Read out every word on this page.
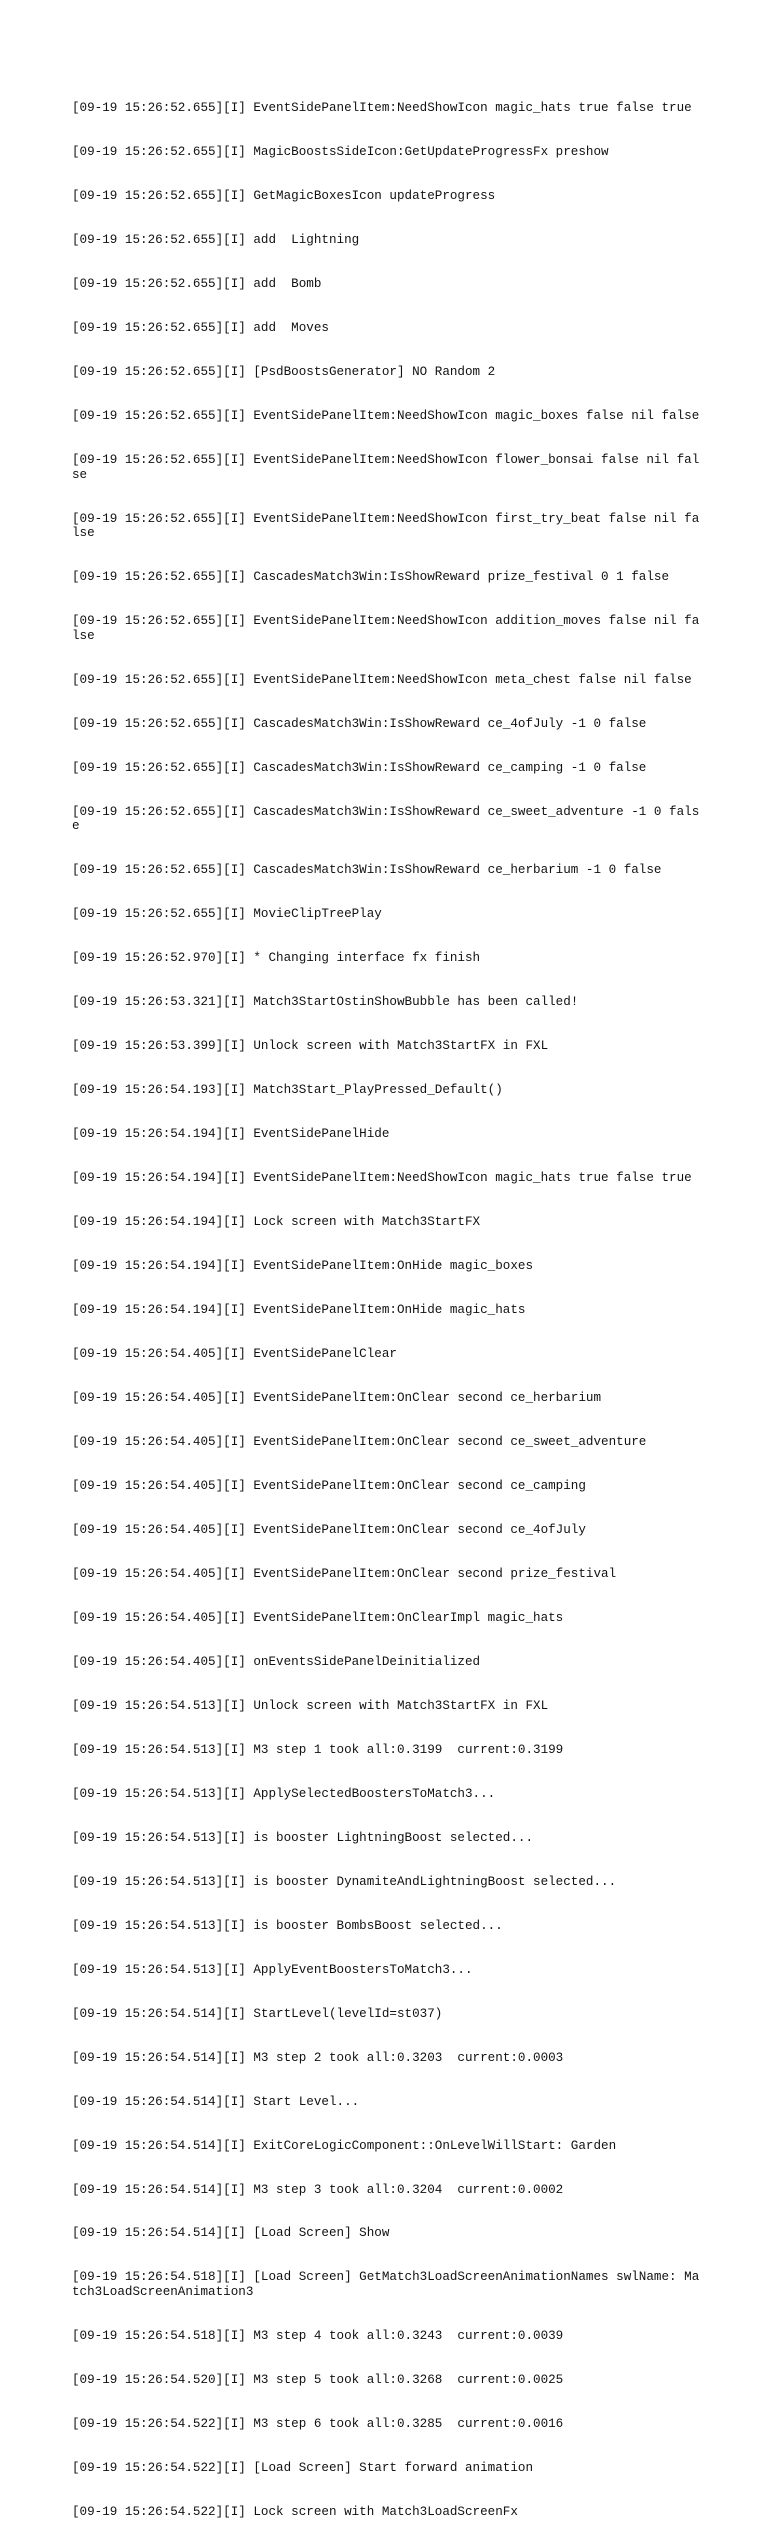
[09-19 15:26:52.655][I] EventSidePanelItem:NeedShowIcon magic_hats true false true

[09-19 15:26:52.655][I] MagicBoostsSideIcon:GetUpdateProgressFx preshow

[09-19 15:26:52.655][I] GetMagicBoxesIcon updateProgress

[09-19 15:26:52.655][I] add  Lightning

[09-19 15:26:52.655][I] add  Bomb

[09-19 15:26:52.655][I] add  Moves

[09-19 15:26:52.655][I] [PsdBoostsGenerator] NO Random 2

[09-19 15:26:52.655][I] EventSidePanelItem:NeedShowIcon magic_boxes false nil false

[09-19 15:26:52.655][I] EventSidePanelItem:NeedShowIcon flower_bonsai false nil false

[09-19 15:26:52.655][I] EventSidePanelItem:NeedShowIcon first_try_beat false nil false

[09-19 15:26:52.655][I] CascadesMatch3Win:IsShowReward prize_festival 0 1 false

[09-19 15:26:52.655][I] EventSidePanelItem:NeedShowIcon addition_moves false nil false

[09-19 15:26:52.655][I] EventSidePanelItem:NeedShowIcon meta_chest false nil false

[09-19 15:26:52.655][I] CascadesMatch3Win:IsShowReward ce_4ofJuly -1 0 false

[09-19 15:26:52.655][I] CascadesMatch3Win:IsShowReward ce_camping -1 0 false

[09-19 15:26:52.655][I] CascadesMatch3Win:IsShowReward ce_sweet_adventure -1 0 false

[09-19 15:26:52.655][I] CascadesMatch3Win:IsShowReward ce_herbarium -1 0 false

[09-19 15:26:52.655][I] MovieClipTreePlay

[09-19 15:26:52.970][I] * Changing interface fx finish

[09-19 15:26:53.321][I] Match3StartOstinShowBubble has been called!

[09-19 15:26:53.399][I] Unlock screen with Match3StartFX in FXL

[09-19 15:26:54.193][I] Match3Start_PlayPressed_Default()

[09-19 15:26:54.194][I] EventSidePanelHide

[09-19 15:26:54.194][I] EventSidePanelItem:NeedShowIcon magic_hats true false true

[09-19 15:26:54.194][I] Lock screen with Match3StartFX

[09-19 15:26:54.194][I] EventSidePanelItem:OnHide magic_boxes

[09-19 15:26:54.194][I] EventSidePanelItem:OnHide magic_hats

[09-19 15:26:54.405][I] EventSidePanelClear

[09-19 15:26:54.405][I] EventSidePanelItem:OnClear second ce_herbarium

[09-19 15:26:54.405][I] EventSidePanelItem:OnClear second ce_sweet_adventure

[09-19 15:26:54.405][I] EventSidePanelItem:OnClear second ce_camping

[09-19 15:26:54.405][I] EventSidePanelItem:OnClear second ce_4ofJuly

[09-19 15:26:54.405][I] EventSidePanelItem:OnClear second prize_festival

[09-19 15:26:54.405][I] EventSidePanelItem:OnClearImpl magic_hats

[09-19 15:26:54.405][I] onEventsSidePanelDeinitialized

[09-19 15:26:54.513][I] Unlock screen with Match3StartFX in FXL

[09-19 15:26:54.513][I] M3 step 1 took all:0.3199  current:0.3199

[09-19 15:26:54.513][I] ApplySelectedBoostersToMatch3...

[09-19 15:26:54.513][I] is booster LightningBoost selected...

[09-19 15:26:54.513][I] is booster DynamiteAndLightningBoost selected...

[09-19 15:26:54.513][I] is booster BombsBoost selected...

[09-19 15:26:54.513][I] ApplyEventBoostersToMatch3...

[09-19 15:26:54.514][I] StartLevel(levelId=st037)

[09-19 15:26:54.514][I] M3 step 2 took all:0.3203  current:0.0003

[09-19 15:26:54.514][I] Start Level...

[09-19 15:26:54.514][I] ExitCoreLogicComponent::OnLevelWillStart: Garden

[09-19 15:26:54.514][I] M3 step 3 took all:0.3204  current:0.0002

[09-19 15:26:54.514][I] [Load Screen] Show

[09-19 15:26:54.518][I] [Load Screen] GetMatch3LoadScreenAnimationNames swlName: Match3LoadScreenAnimation3

[09-19 15:26:54.518][I] M3 step 4 took all:0.3243  current:0.0039

[09-19 15:26:54.520][I] M3 step 5 took all:0.3268  current:0.0025

[09-19 15:26:54.522][I] M3 step 6 took all:0.3285  current:0.0016

[09-19 15:26:54.522][I] [Load Screen] Start forward animation

[09-19 15:26:54.522][I] Lock screen with Match3LoadScreenFx
